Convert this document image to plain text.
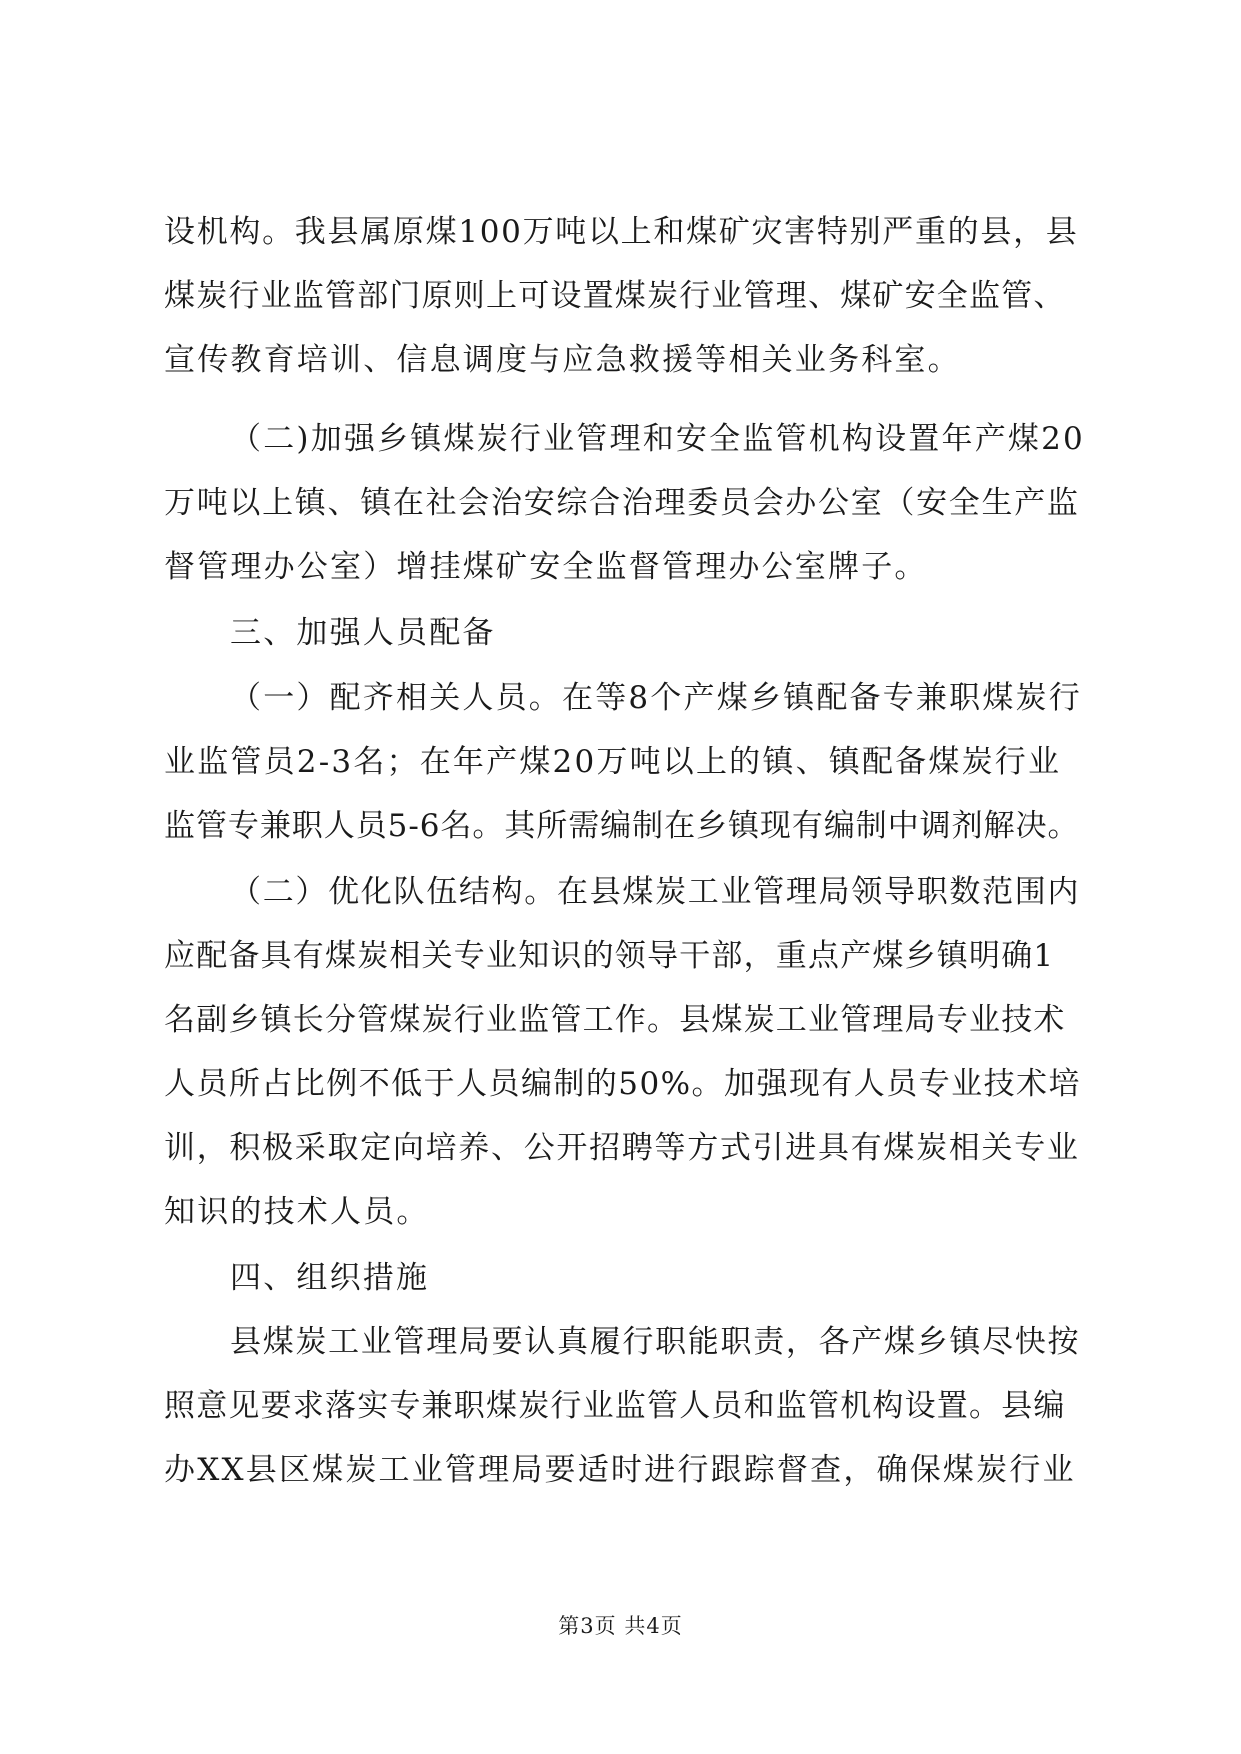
设机构。我县属原煤100万吨以上和煤矿灾害特别严重的县，县
煤炭行业监管部门原则上可设置煤炭行业管理、煤矿安全监管、
宣传教育培训、信息调度与应急救援等相关业务科室。
（二)加强乡镇煤炭行业管理和安全监管机构设置年产煤20
万吨以上镇、镇在社会治安综合治理委员会办公室（安全生产监
督管理办公室）增挂煤矿安全监督管理办公室牌子。
三、加强人员配备
（一）配齐相关人员。在等8个产煤乡镇配备专兼职煤炭行
业监管员2-3名；在年产煤20万吨以上的镇、镇配备煤炭行业
监管专兼职人员5-6名。其所需编制在乡镇现有编制中调剂解决。
（二）优化队伍结构。在县煤炭工业管理局领导职数范围内
应配备具有煤炭相关专业知识的领导干部，重点产煤乡镇明确1
名副乡镇长分管煤炭行业监管工作。县煤炭工业管理局专业技术
人员所占比例不低于人员编制的50%。加强现有人员专业技术培
训，积极采取定向培养、公开招聘等方式引进具有煤炭相关专业
知识的技术人员。
四、组织措施
县煤炭工业管理局要认真履行职能职责，各产煤乡镇尽快按
照意见要求落实专兼职煤炭行业监管人员和监管机构设置。县编
办XX县区煤炭工业管理局要适时进行跟踪督查，确保煤炭行业
第3页 共4页
